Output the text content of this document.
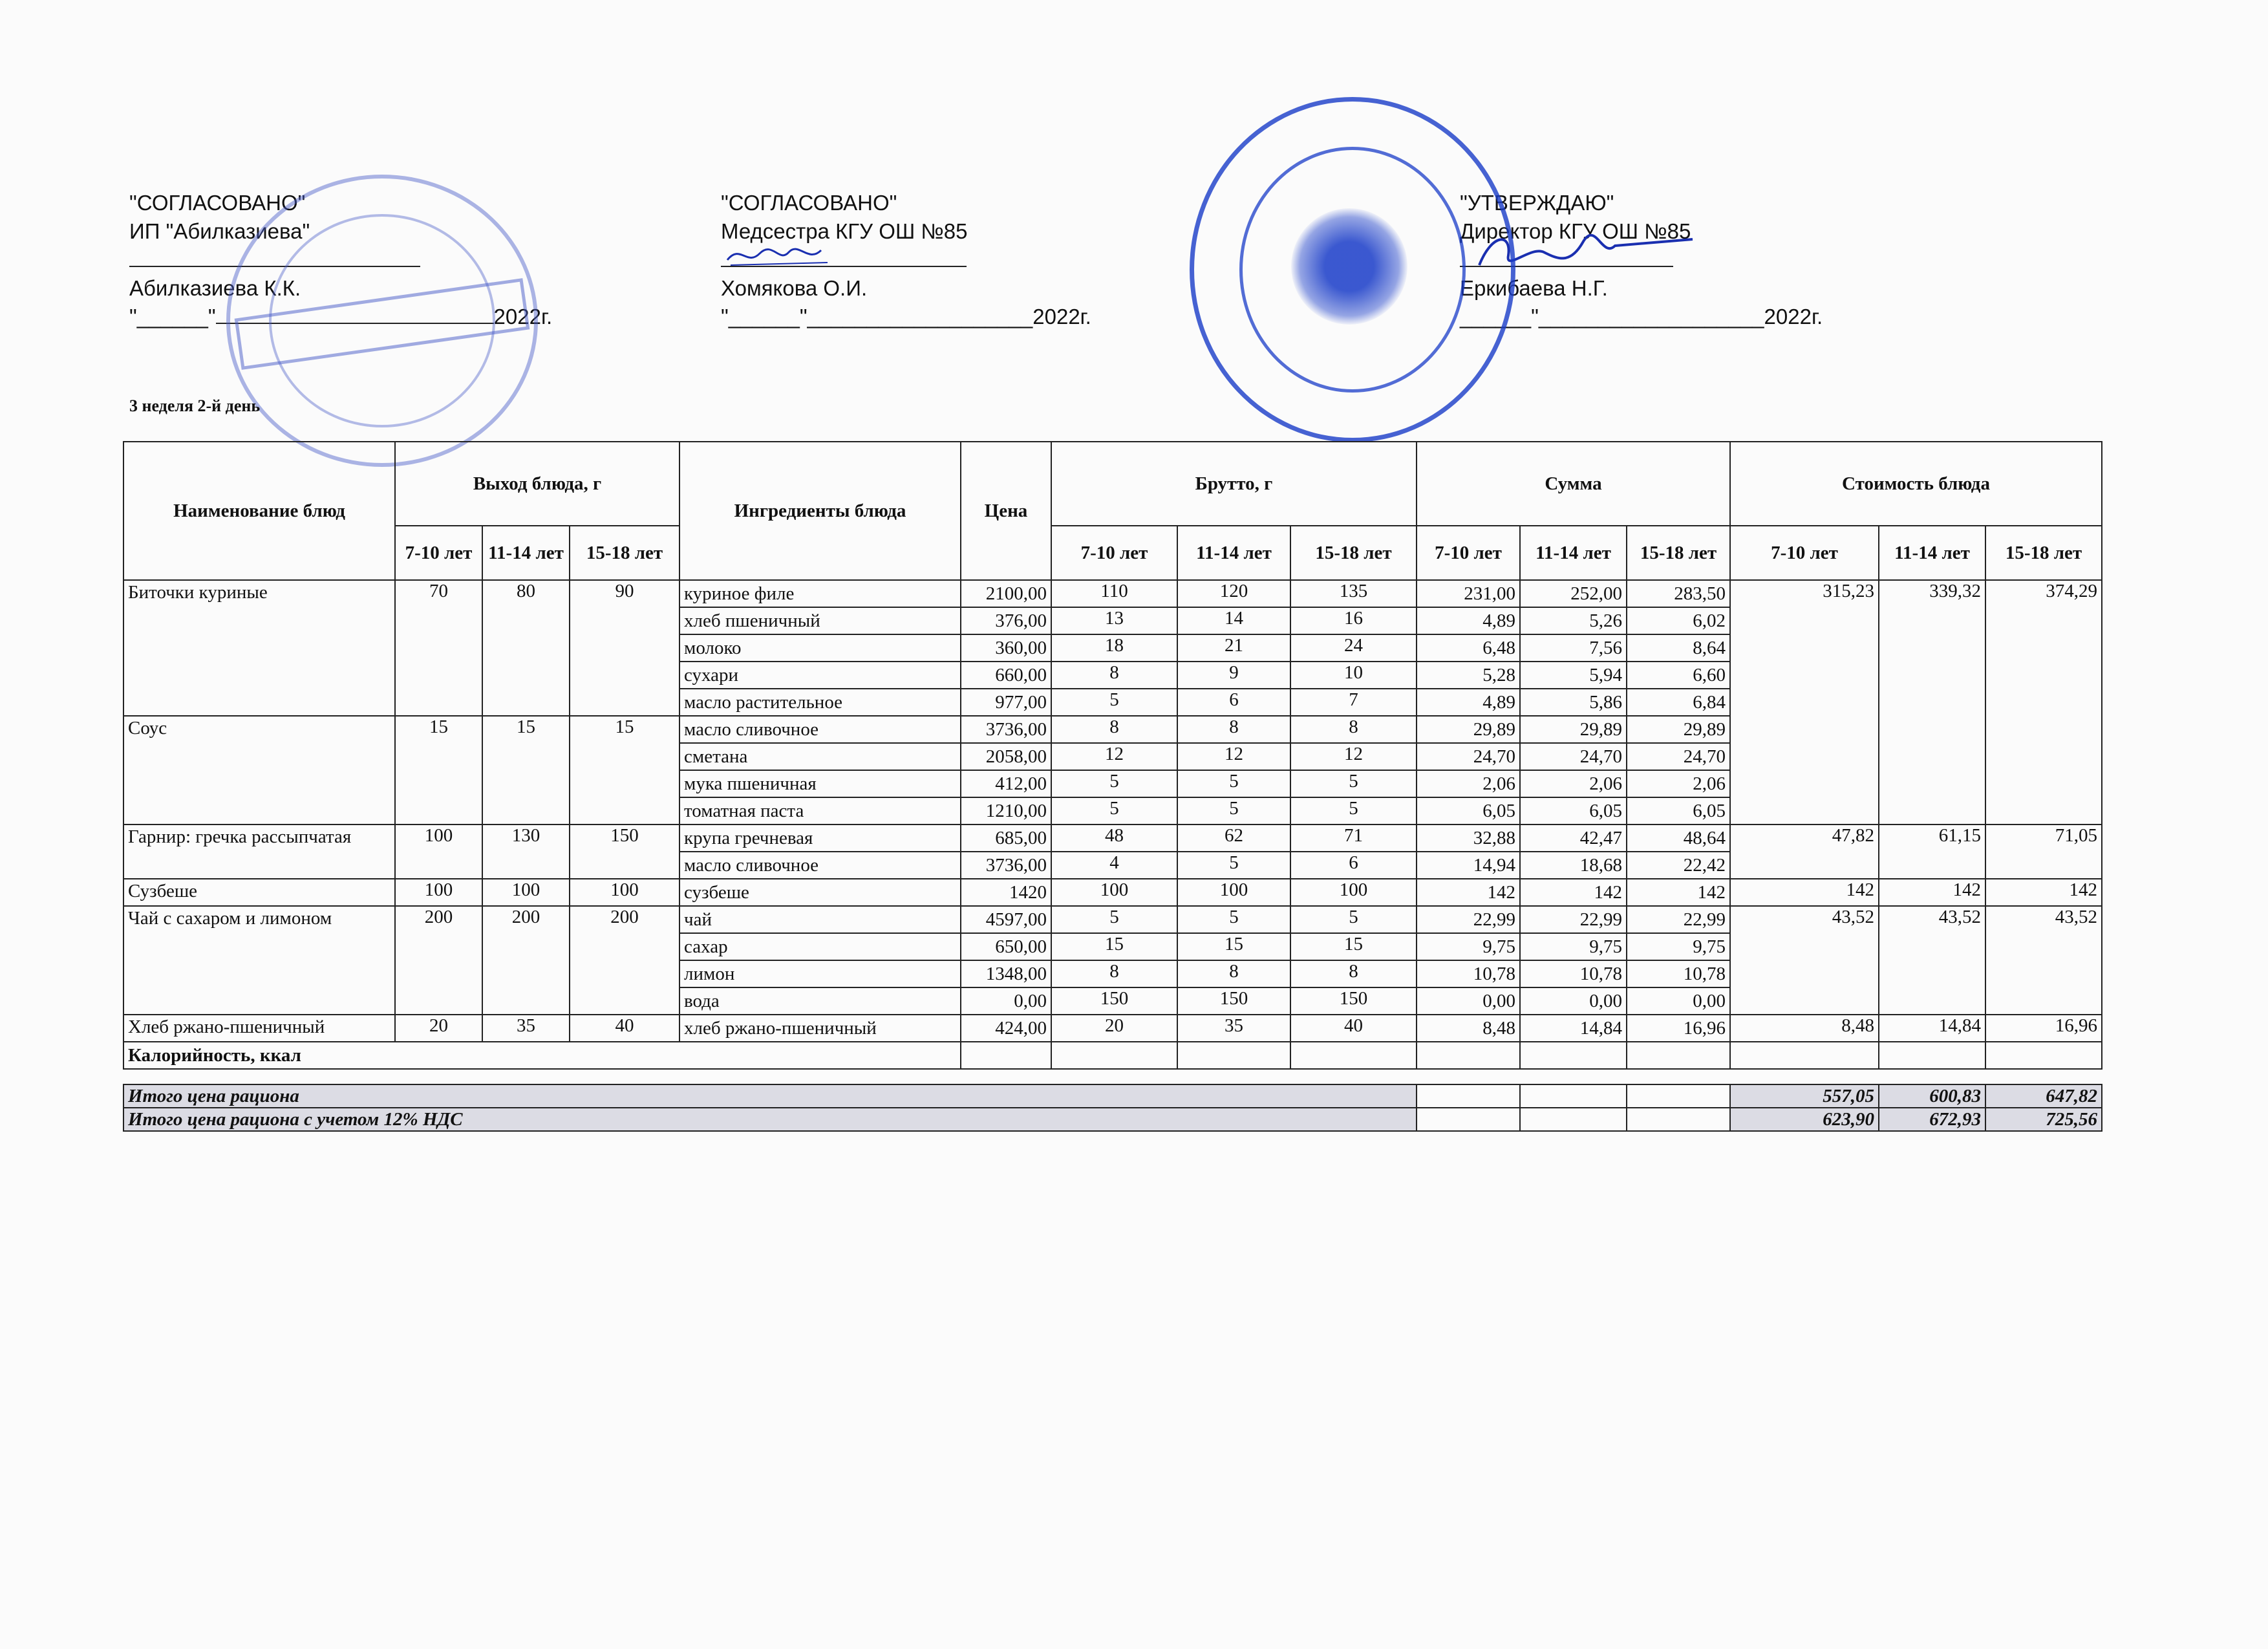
"СОГЛАСОВАНО"
ИП "Абилказиева"
Абилказиева К.К.
"______"	2022г.
"СОГЛАСОВАНО"
Медсестра КГУ ОШ №85
Хомякова О.И.
"______"___________________2022г.
"УТВЕРЖДАЮ"
Директор КГУ ОШ №85
Еркибаева Н.Г.
______"___________________2022г.
3 неделя 2-й день
Наименование блюд	Выход блюда, г			Ингредиенты блюда	Цена	Брутто, г			Сумма			Стоимость блюда		
	7-10 лет	11-14 лет	15-18 лет			7-10 лет	11-14 лет	15-18 лет	7-10 лет	11-14 лет	15-18 лет	7-10 лет	11-14 лет	15-18 лет
Биточки куриные	70	80	90	куриное филе	2100,00	110	120	135	231,00	252,00	283,50	315,23	339,32	374,29
				хлеб пшеничный	376,00	13	14	16	4,89	5,26	6,02			
				молоко	360,00	18	21	24	6,48	7,56	8,64			
				сухари	660,00	8	9	10	5,28	5,94	6,60			
				масло растительное	977,00	5	6	7	4,89	5,86	6,84			
Соус	15	15	15	масло сливочное	3736,00	8	8	8	29,89	29,89	29,89			
				сметана	2058,00	12	12	12	24,70	24,70	24,70			
				мука пшеничная	412,00	5	5	5	2,06	2,06	2,06			
				томатная паста	1210,00	5	5	5	6,05	6,05	6,05			
Гарнир: гречка рассыпчатая	100	130	150	крупа гречневая	685,00	48	62	71	32,88	42,47	48,64	47,82	61,15	71,05
				масло сливочное	3736,00	4	5	6	14,94	18,68	22,42			
Сузбеше	100	100	100	сузбеше	1420	100	100	100	142	142	142	142	142	142
Чай с сахаром и лимоном	200	200	200	чай	4597,00	5	5	5	22,99	22,99	22,99	43,52	43,52	43,52
				сахар	650,00	15	15	15	9,75	9,75	9,75			
				лимон	1348,00	8	8	8	10,78	10,78	10,78			
				вода	0,00	150	150	150	0,00	0,00	0,00			
Хлеб ржано-пшеничный	20	35	40	хлеб ржано-пшеничный	424,00	20	35	40	8,48	14,84	16,96	8,48	14,84	16,96
Калорийность, ккал														

Итого цена рациона												557,05	600,83	647,82
Итого цена рациона с учетом 12% НДС												623,90	672,93	725,56
